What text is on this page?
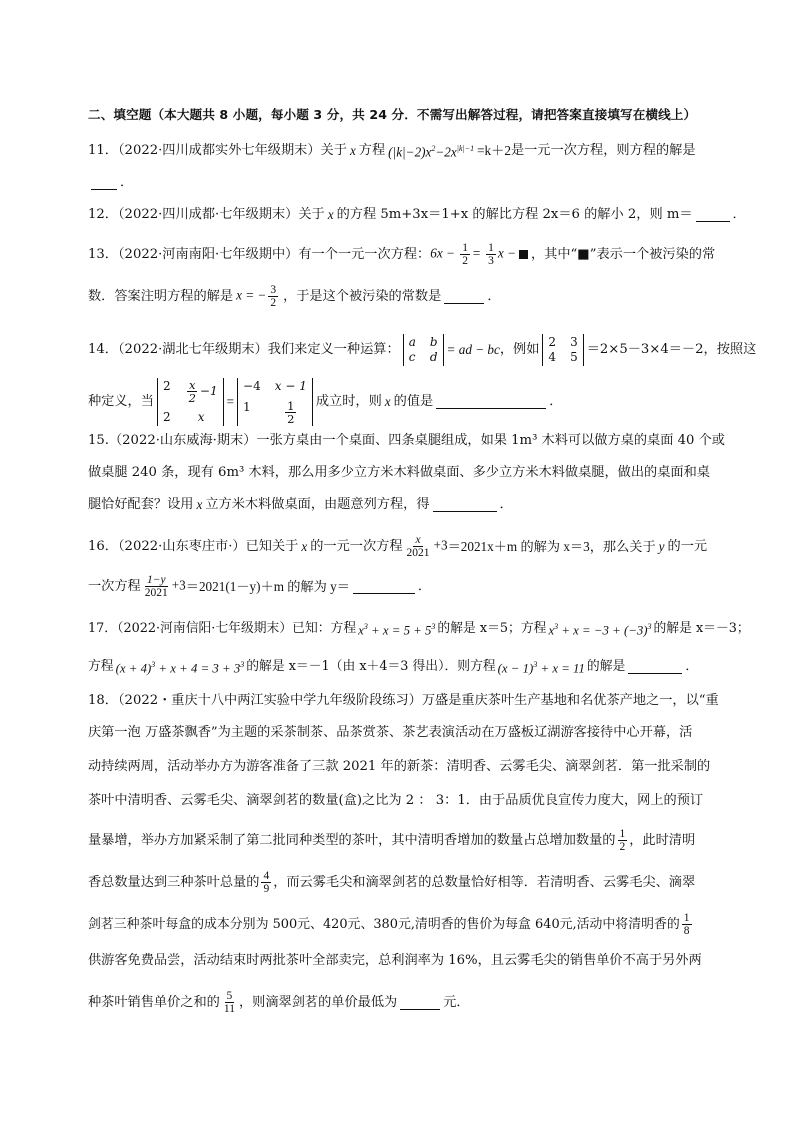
二、填空题（本大题共 8 小题，每小题 3 分，共 24 分．不需写出解答过程，请把答案直接填写在横线上）
11．（2022·四川成都实外七年级期末）关于 x 方程 $(|k|-2)x^2-2x^{|k|-1} =k+2$ 是一元一次方程，则方程的解是
．
12．（2022·四川成都·七年级期末）关于 x 的方程 5m+3x＝1+x 的解比方程 2x＝6 的解小 2，则 m＝	．
13．（2022·河南南阳·七年级期中）有一个一元一次方程： $6x - \frac{1}{2} = \frac{1}{3}$ x − ，其中“■”表示一个被污染的常
数．答案注明方程的解是 x = − $\frac{3}{2}$ ，于是这个被污染的常数是	．
14．（2022·湖北七年级期末）我们来定义一种运算： a b
c d = ad − bc ，例如 2 3
4 5 ＝2×5－3×4＝－2，按照这
种定义，当
$2 \frac{x}{2} -1$
2	x
=
−4 x − 1
1	$\frac{1}{2}$ 成立时，则 x 的值是	．
15.（2022·山东威海·期末）一张方桌由一个桌面、四条桌腿组成，如果 1m³ 木料可以做方桌的桌面 40 个或
做桌腿 240 条，现有 6m³ 木料，那么用多少立方米木料做桌面、多少立方米木料做桌腿，做出的桌面和桌
腿恰好配套？设用 x 立方米木料做桌面，由题意列方程，得	．
16．（2022·山东枣庄市·）已知关于 x 的一元一次方程 $\frac{x}{2021} +3 =2021x+m$ 的解为 x＝3，那么关于 y 的一元
一次方程 $\frac{1-y}{2021} +3 =2021(1-y)+m$ 的解为 y＝	．
17．（2022·河南信阳·七年级期末）已知：方程 $x^3 + x = 5 + 5^3$ 的解是 x＝5；方程 $x^3 + x = -3 + (-3)^3$ 的解是 x＝－3；
方程 $(x + 4)^3 + x + 4 = 3 + 3^3$ 的解是 x＝－1（由 x＋4＝3 得出）．则方程 $(x - 1)^3 + x = 11$ 的解是	．
18．（2022・重庆十八中两江实验中学九年级阶段练习）万盛是重庆茶叶生产基地和名优茶产地之一，以“重
庆第一泡 万盛茶飘香”为主题的采茶制茶、品茶赏茶、茶艺表演活动在万盛板辽湖游客接待中心开幕，活
动持续两周，活动举办方为游客准备了三款 2021 年的新茶：清明香、云雾毛尖、滴翠剑茗．第一批采制的
茶叶中清明香、云雾毛尖、滴翠剑茗的数量(盒)之比为 2 ： 3：1．由于品质优良宣传力度大，网上的预订
量暴增，举办方加紧采制了第二批同种类型的茶叶，其中清明香增加的数量占总增加数量的 $\frac{1}{2}$ ，此时清明
香总数量达到三种茶叶总量的 $\frac{4}{9}$ ，而云雾毛尖和滴翠剑茗的总数量恰好相等．若清明香、云雾毛尖、滴翠
剑茗三种茶叶每盒的成本分别为 500元、420元、380元,清明香的售价为每盒 640元,活动中将清明香的 $\frac{1}{8}$
供游客免费品尝，活动结束时两批茶叶全部卖完，总利润率为 16%，且云雾毛尖的销售单价不高于另外两
种茶叶销售单价之和的 $\frac{5}{11}$ ，则滴翠剑茗的单价最低为	元．
